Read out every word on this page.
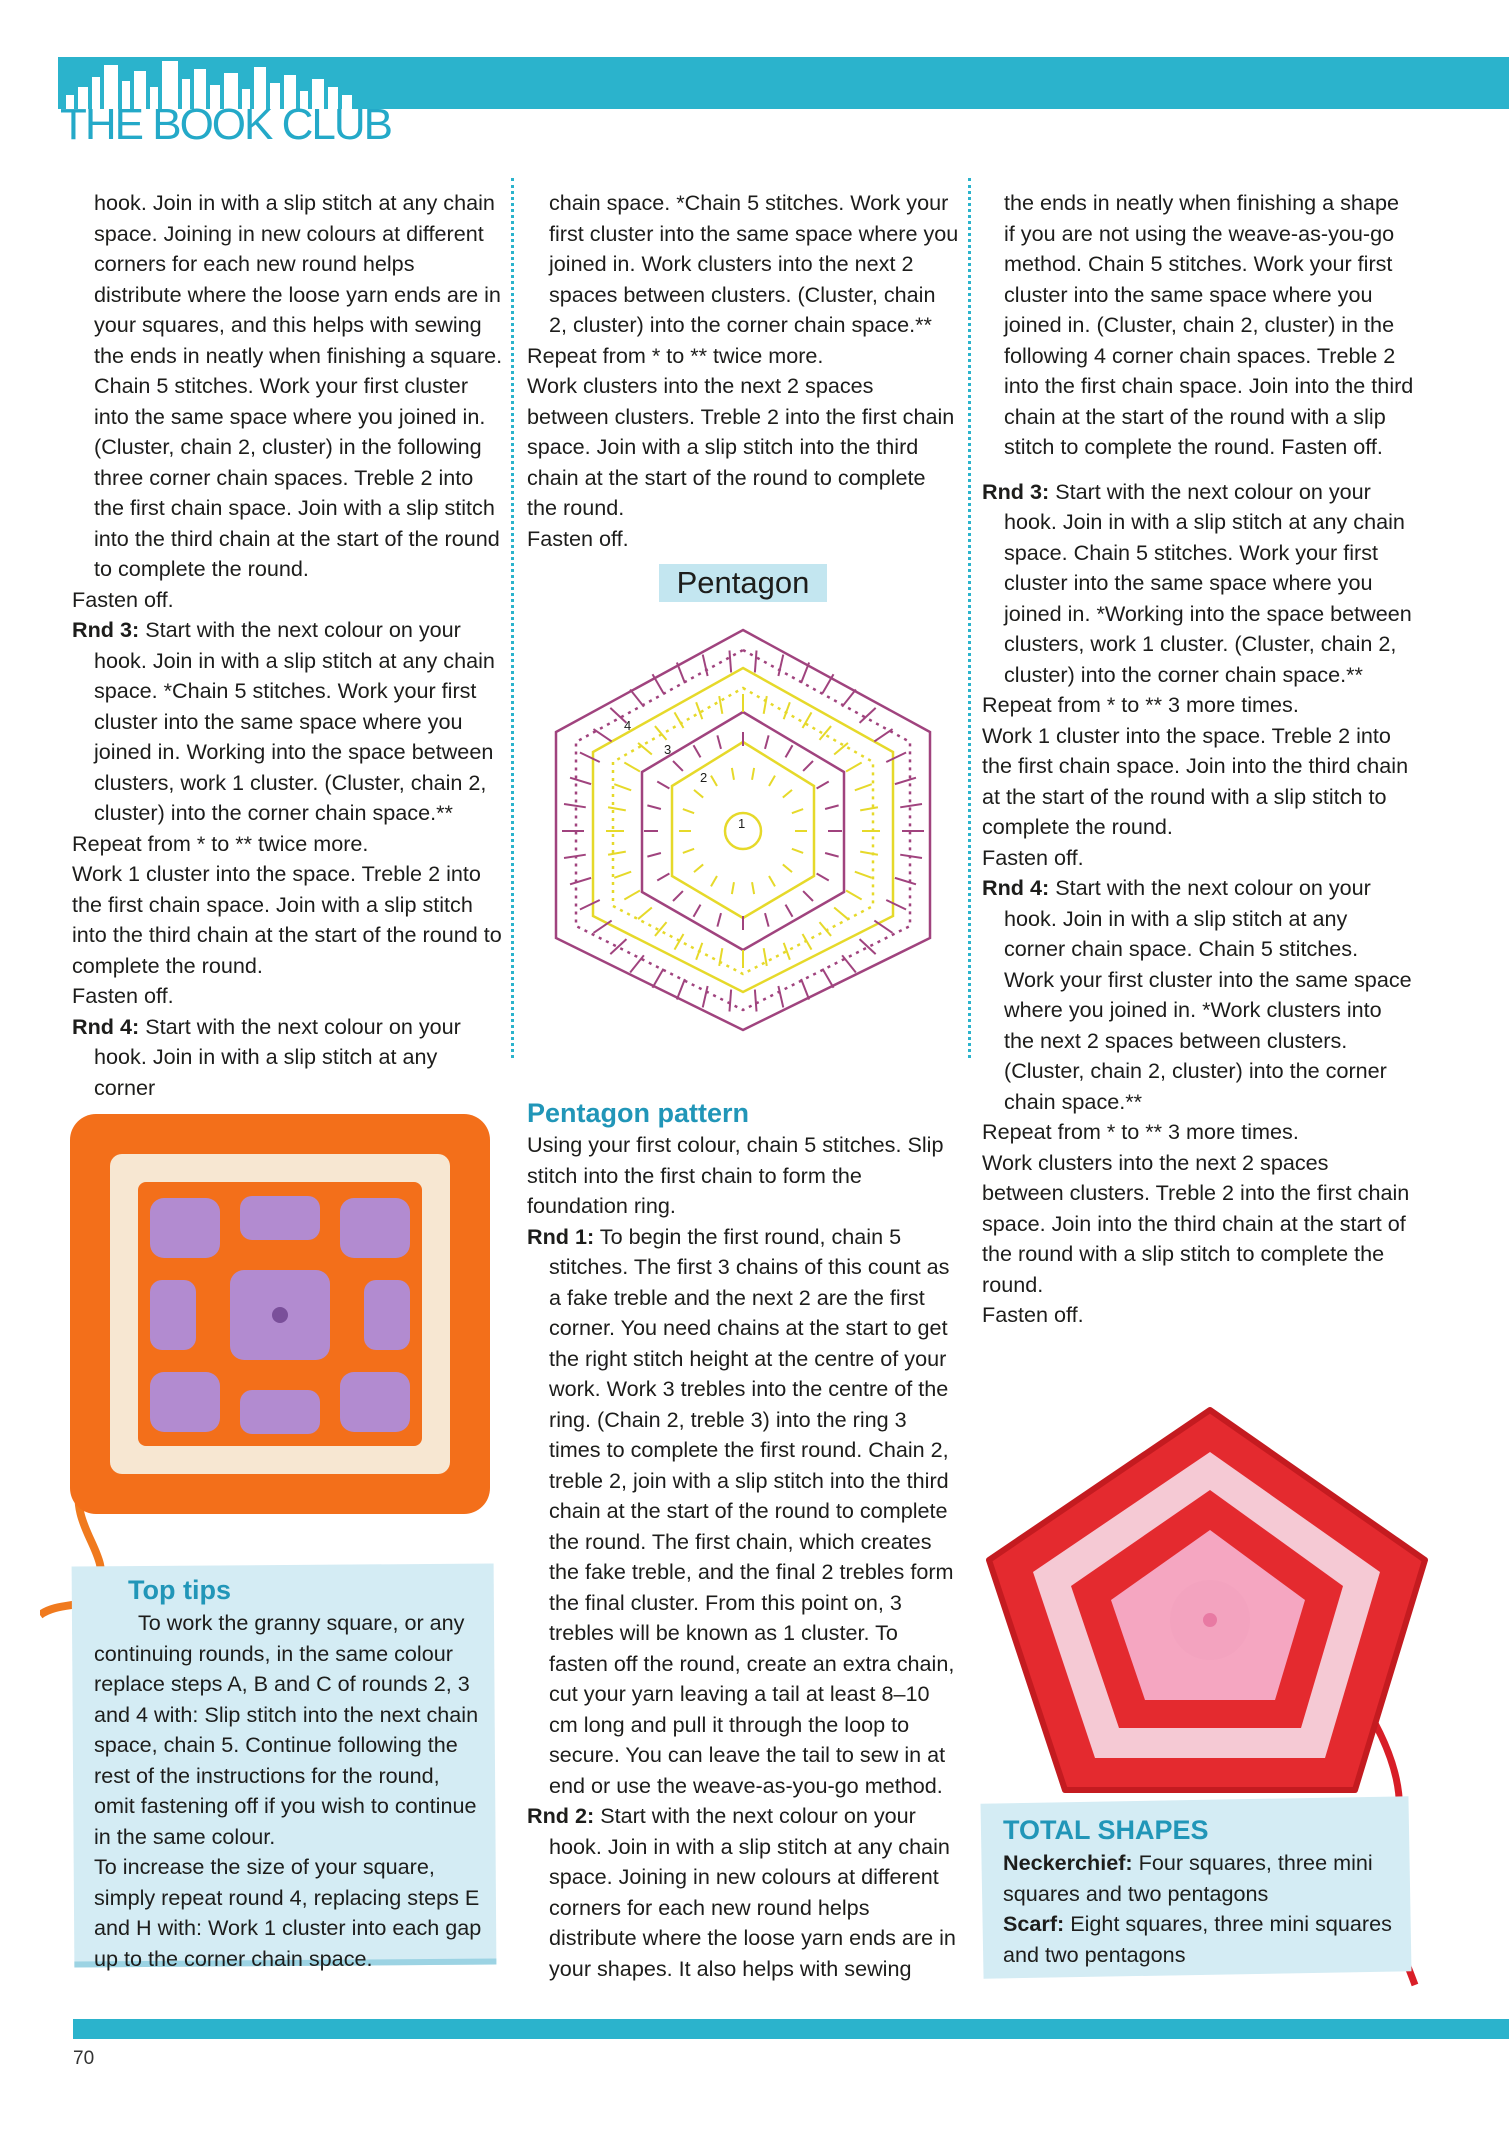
THE BOOK CLUB

hook. Join in with a slip stitch at any chain space. Joining in new colours at different corners for each new round helps distribute where the loose yarn ends are in your squares, and this helps with sewing the ends in neatly when finishing a square. Chain 5 stitches. Work your first cluster into the same space where you joined in. (Cluster, chain 2, cluster) in the following three corner chain spaces. Treble 2 into the first chain space. Join with a slip stitch into the third chain at the start of the round to complete the round.

Fasten off.

Rnd 3: Start with the next colour on your hook. Join in with a slip stitch at any chain space. *Chain 5 stitches. Work your first cluster into the same space where you joined in. Working into the space between clusters, work 1 cluster. (Cluster, chain 2, cluster) into the corner chain space.**

Repeat from * to ** twice more.

Work 1 cluster into the space. Treble 2 into the first chain space. Join with a slip stitch into the third chain at the start of the round to complete the round.

Fasten off.

Rnd 4: Start with the next colour on your hook. Join in with a slip stitch at any corner

chain space. *Chain 5 stitches. Work your first cluster into the same space where you joined in. Work clusters into the next 2 spaces between clusters. (Cluster, chain 2, cluster) into the corner chain space.**

Repeat from * to ** twice more.

Work clusters into the next 2 spaces between clusters. Treble 2 into the first chain space. Join with a slip stitch into the third chain at the start of the round to complete the round.

Fasten off.

Pentagon
1
2
3
4

Pentagon pattern

Using your first colour, chain 5 stitches. Slip stitch into the first chain to form the foundation ring.

Rnd 1: To begin the first round, chain 5 stitches. The first 3 chains of this count as a fake treble and the next 2 are the first corner. You need chains at the start to get the right stitch height at the centre of your work. Work 3 trebles into the centre of the ring. (Chain 2, treble 3) into the ring 3 times to complete the first round. Chain 2, treble 2, join with a slip stitch into the third chain at the start of the round to complete the round. The first chain, which creates the fake treble, and the final 2 trebles form the final cluster. From this point on, 3 trebles will be known as 1 cluster. To fasten off the round, create an extra chain, cut your yarn leaving a tail at least 8–10 cm long and pull it through the loop to secure. You can leave the tail to sew in at end or use the weave-as-you-go method.

Rnd 2: Start with the next colour on your hook. Join in with a slip stitch at any chain space. Joining in new colours at different corners for each new round helps distribute where the loose yarn ends are in your shapes. It also helps with sewing

the ends in neatly when finishing a shape if you are not using the weave-as-you-go method. Chain 5 stitches. Work your first cluster into the same space where you joined in. (Cluster, chain 2, cluster) in the following 4 corner chain spaces. Treble 2 into the first chain space. Join into the third chain at the start of the round with a slip stitch to complete the round. Fasten off.

Rnd 3: Start with the next colour on your hook. Join in with a slip stitch at any chain space. Chain 5 stitches. Work your first cluster into the same space where you joined in. *Working into the space between clusters, work 1 cluster. (Cluster, chain 2, cluster) into the corner chain space.**

Repeat from * to ** 3 more times.

Work 1 cluster into the space. Treble 2 into the first chain space. Join into the third chain at the start of the round with a slip stitch to complete the round.

Fasten off.

Rnd 4: Start with the next colour on your hook. Join in with a slip stitch at any corner chain space. Chain 5 stitches. Work your first cluster into the same space where you joined in. *Work clusters into the next 2 spaces between clusters. (Cluster, chain 2, cluster) into the corner chain space.**

Repeat from * to ** 3 more times.

Work clusters into the next 2 spaces between clusters. Treble 2 into the first chain space. Join into the third chain at the start of the round with a slip stitch to complete the round.

Fasten off.

Top tips

To work the granny square, or any continuing rounds, in the same colour replace steps A, B and C of rounds 2, 3 and 4 with: Slip stitch into the next chain space, chain 5. Continue following the rest of the instructions for the round, omit fastening off if you wish to continue in the same colour.

To increase the size of your square, simply repeat round 4, replacing steps E and H with: Work 1 cluster into each gap up to the corner chain space.

TOTAL SHAPES

Neckerchief: Four squares, three mini squares and two pentagons

Scarf: Eight squares, three mini squares and two pentagons

70
